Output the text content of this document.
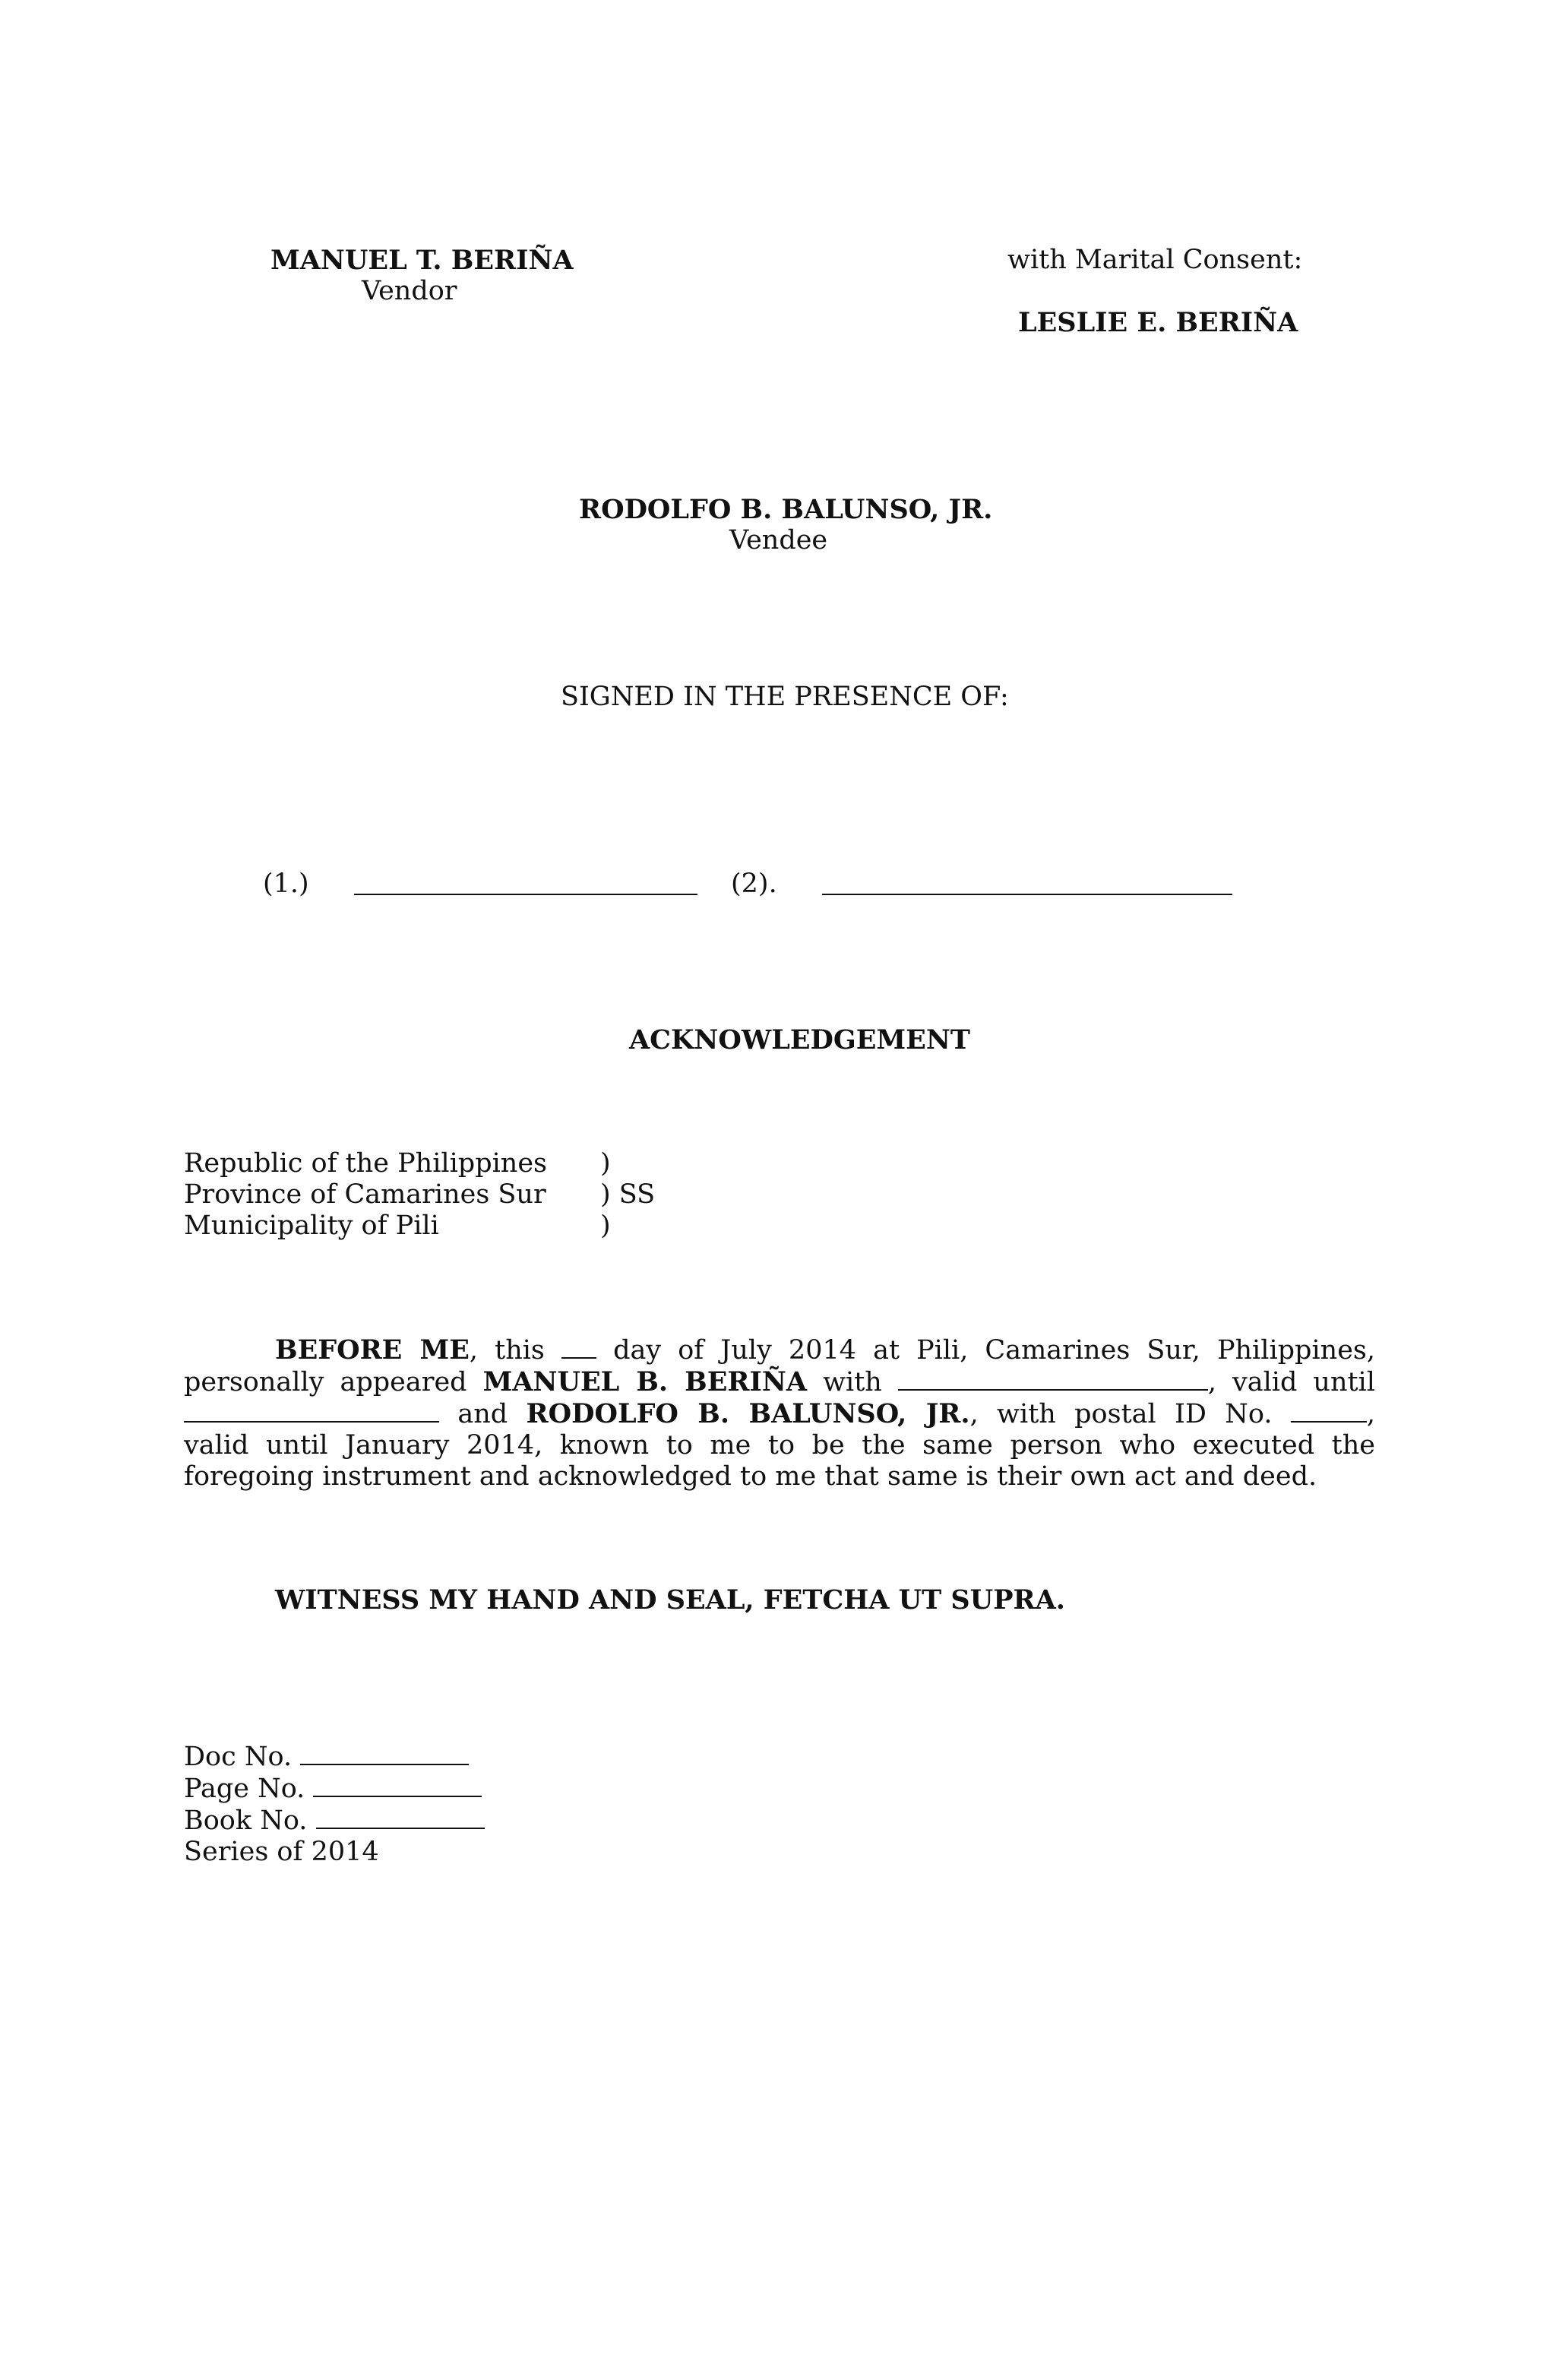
MANUEL T. BERIÑA
Vendor
with Marital Consent:
LESLIE E. BERIÑA
RODOLFO B. BALUNSO, JR.
Vendee
SIGNED IN THE PRESENCE OF:
(1.)	(2).
ACKNOWLEDGEMENT
Republic of the Philippines )
Province of Camarines Sur ) SS
Municipality of Pili	)
BEFORE ME, this	day of July 2014 at Pili, Camarines Sur, Philippines,
personally appeared MANUEL B. BERIÑA with	, valid until
and RODOLFO B. BALUNSO, JR., with postal ID No.	,
valid until January 2014, known to me to be the same person who executed the
foregoing instrument and acknowledged to me that same is their own act and deed.
WITNESS MY HAND AND SEAL, FETCHA UT SUPRA.
Doc No.
Page No.
Book No.
Series of 2014
